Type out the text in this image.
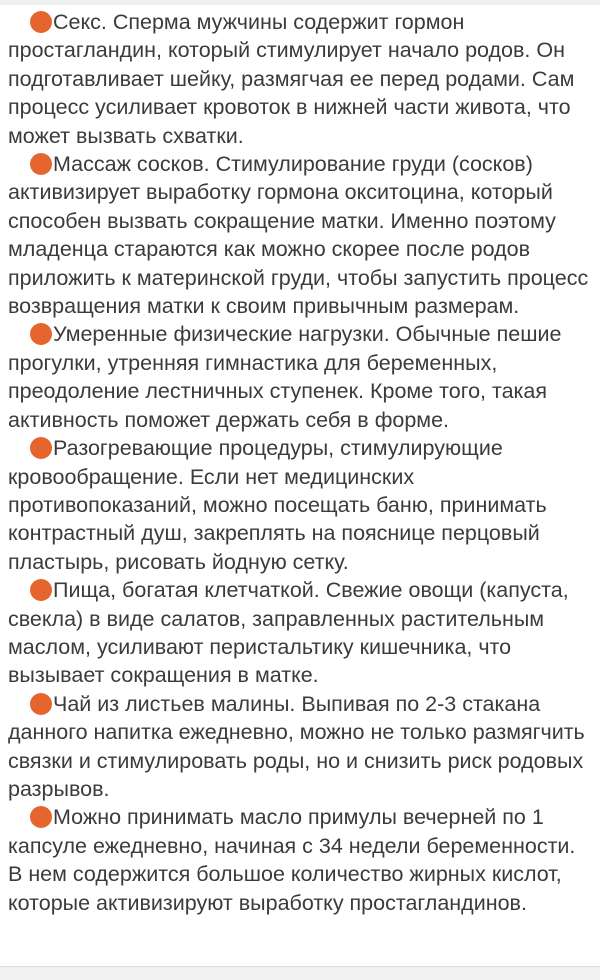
Секс. Сперма мужчины содержит гормон простагландин, который стимулирует начало родов. Он подготавливает шейку, размягчая ее перед родами. Сам процесс усиливает кровоток в нижней части живота, что может вызвать схватки.

Массаж сосков. Стимулирование груди (сосков) активизирует выработку гормона окситоцина, который способен вызвать сокращение матки. Именно поэтому младенца стараются как можно скорее после родов приложить к материнской груди, чтобы запустить процесс возвращения матки к своим привычным размерам.

Умеренные физические нагрузки. Обычные пешие прогулки, утренняя гимнастика для беременных, преодоление лестничных ступенек. Кроме того, такая активность поможет держать себя в форме.

Разогревающие процедуры, стимулирующие кровообращение. Если нет медицинских противопоказаний, можно посещать баню, принимать контрастный душ, закреплять на пояснице перцовый пластырь, рисовать йодную сетку.

Пища, богатая клетчаткой. Свежие овощи (капуста, свекла) в виде салатов, заправленных растительным маслом, усиливают перистальтику кишечника, что вызывает сокращения в матке.

Чай из листьев малины. Выпивая по 2-3 стакана данного напитка ежедневно, можно не только размягчить связки и стимулировать роды, но и снизить риск родовых разрывов.

Можно принимать масло примулы вечерней по 1 капсуле ежедневно, начиная с 34 недели беременности. В нем содержится большое количество жирных кислот, которые активизируют выработку простагландинов.
